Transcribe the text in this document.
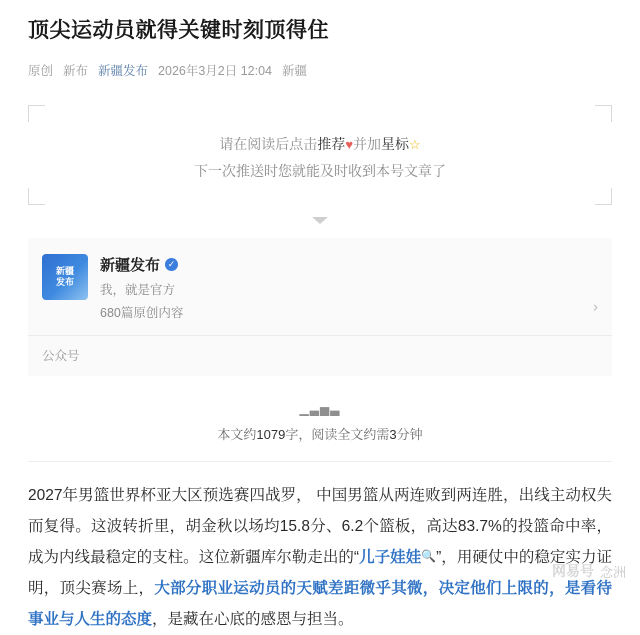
顶尖运动员就得关键时刻顶得住
原创 新布 新疆发布 2026年3月2日 12:04 新疆
请在阅读后点击推荐♥并加星标☆
下一次推送时您就能及时收到本号文章了
新疆
发布
新疆发布 ✓
我，就是官方
680篇原创内容	›
公众号
▁▃▅▃
本文约1079字，阅读全文约需3分钟
2027年男篮世界杯亚大区预选赛四战罗， 中国男篮从两连败到两连胜，出线主动权失而复得。这波转折里，胡金秋以场均15.8分、6.2个篮板，高达83.7%的投篮命中率，成为内线最稳定的支柱。这位新疆库尔勒走出的“儿子娃娃🔍”，用硬仗中的稳定实力证明，顶尖赛场上，大部分职业运动员的天赋差距微乎其微，决定他们上限的，是看待事业与人生的态度，是藏在心底的感恩与担当。
网易号 念洲
